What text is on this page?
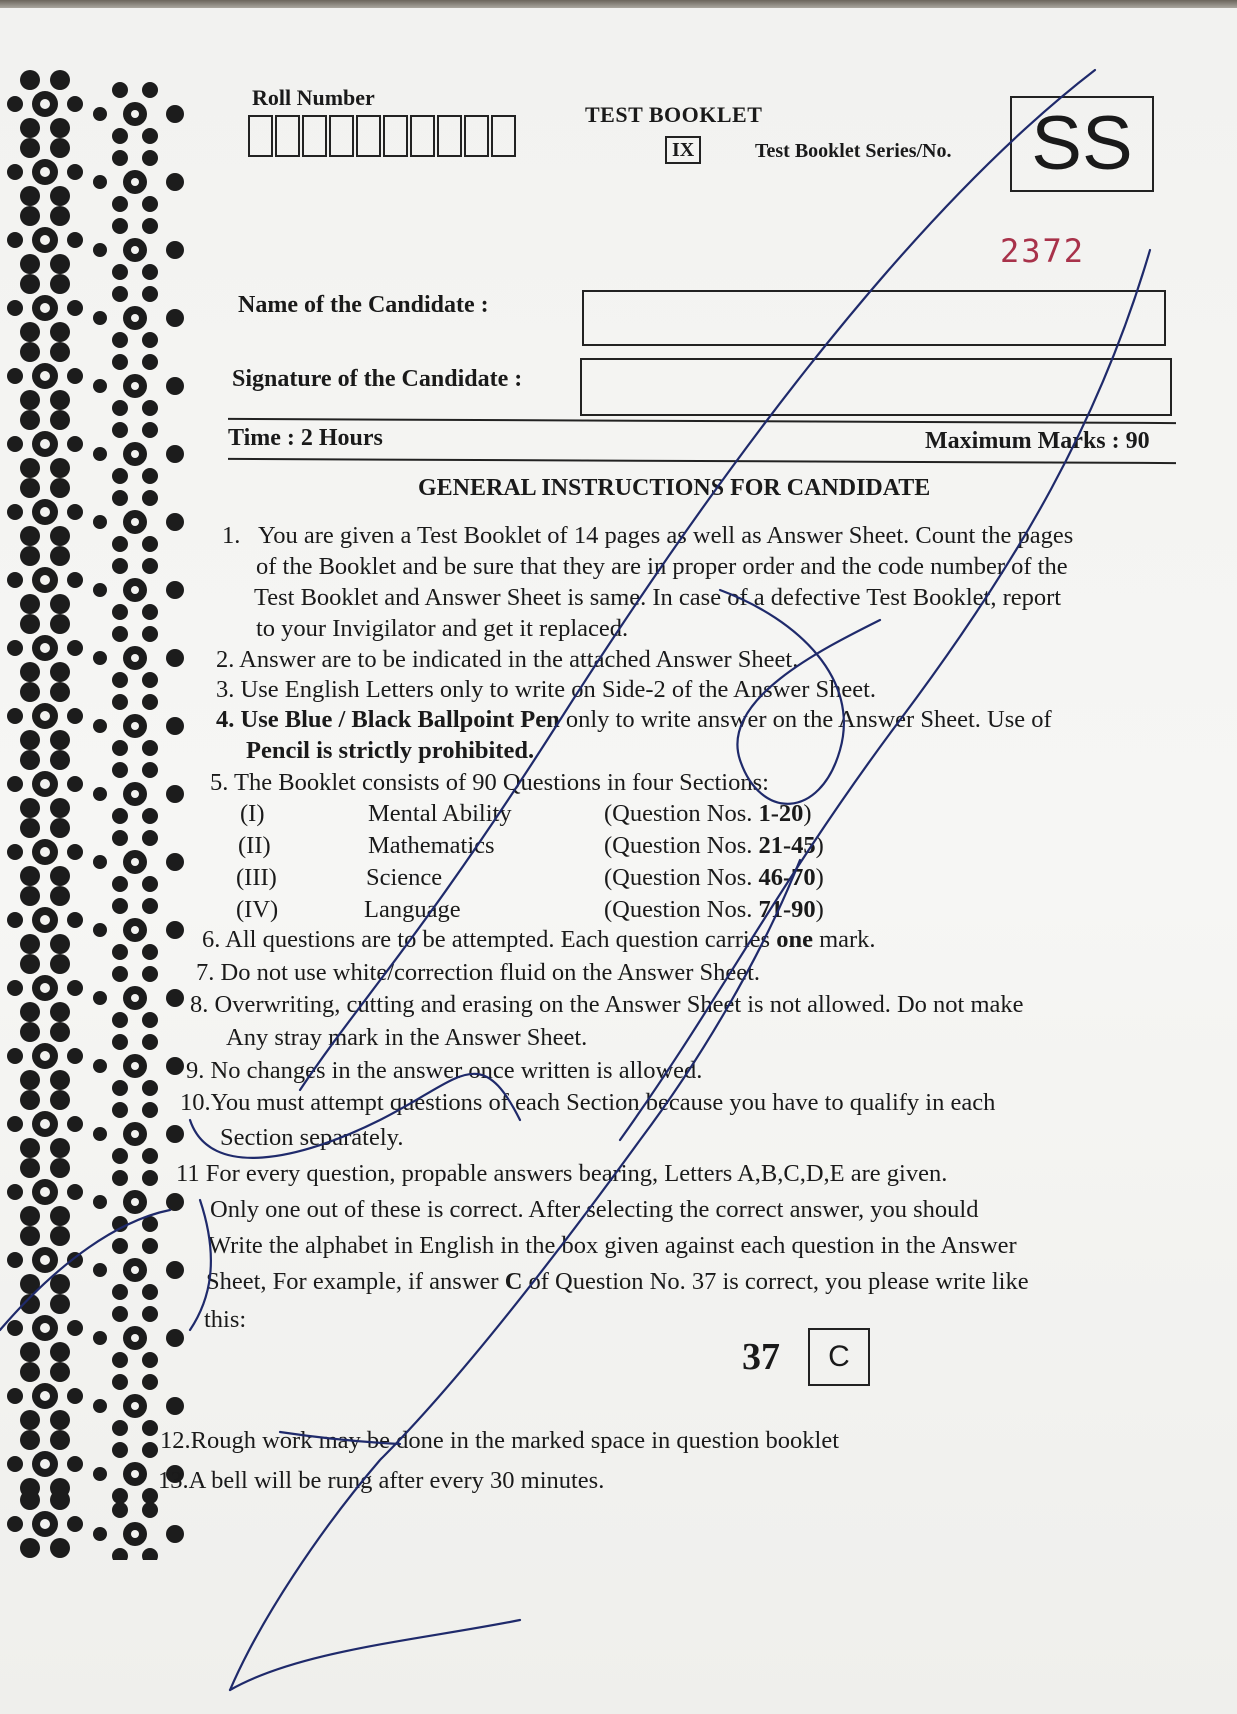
Roll Number
TEST BOOKLET
IX	Test Booklet Series/No. SS
2372
Name of the Candidate :
Signature of the Candidate :
Time : 2 Hours	Maximum Marks : 90
GENERAL INSTRUCTIONS FOR CANDIDATE
1. You are given a Test Booklet of 14 pages as well as Answer Sheet. Count the pages
of the Booklet and be sure that they are in proper order and the code number of the
Test Booklet and Answer Sheet is same. In case of a defective Test Booklet, report
to your Invigilator and get it replaced.
2. Answer are to be indicated in the attached Answer Sheet.
3. Use English Letters only to write on Side-2 of the Answer Sheet.
4. Use Blue / Black Ballpoint Pen only to write answer on the Answer Sheet. Use of
Pencil is strictly prohibited.
5. The Booklet consists of 90 Questions in four Sections:
(I)	Mental Ability	(Question Nos. 1-20)
(II)	Mathematics	(Question Nos. 21-45)
(III)	Science	(Question Nos. 46-70)
(IV)	Language	(Question Nos. 71-90)
6. All questions are to be attempted. Each question carries one mark.
7. Do not use white/correction fluid on the Answer Sheet.
8. Overwriting, cutting and erasing on the Answer Sheet is not allowed. Do not make
Any stray mark in the Answer Sheet.
9. No changes in the answer once written is allowed.
10.You must attempt questions of each Section because you have to qualify in each
Section separately.
11 For every question, propable answers bearing, Letters A,B,C,D,E are given.
Only one out of these is correct. After selecting the correct answer, you should
Write the alphabet in English in the box given against each question in the Answer
Sheet, For example, if answer C of Question No. 37 is correct, you please write like
this:
37	C
12.Rough work may be done in the marked space in question booklet
13.A bell will be rung after every 30 minutes.
